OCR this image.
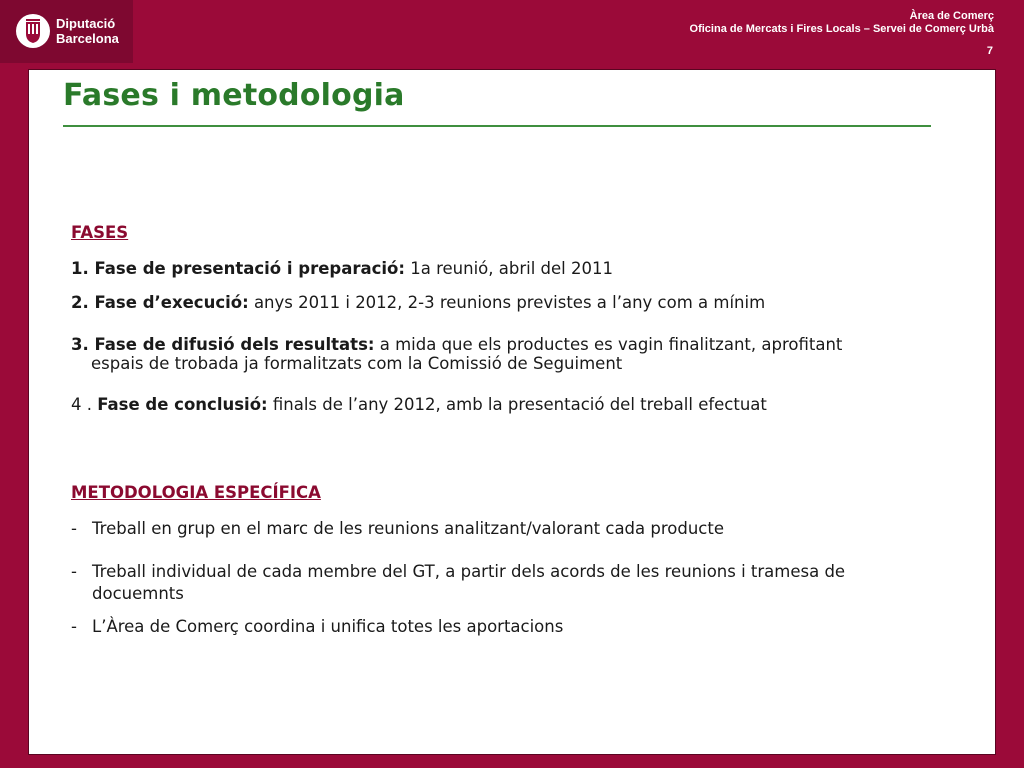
Diputació
Barcelona
Àrea de Comerç
Oficina de Mercats i Fires Locals – Servei de Comerç Urbà
7
Fases i metodologia
FASES
1. Fase de presentació i preparació: 1a reunió, abril del 2011
2. Fase d’execució: anys 2011 i 2012, 2-3 reunions previstes a l’any com a mínim
3. Fase de difusió dels resultats: a mida que els productes es vagin finalitzant, aprofitant
espais de trobada ja formalitzats com la Comissió de Seguiment
4 . Fase de conclusió: finals de l’any 2012, amb la presentació del treball efectuat
METODOLOGIA ESPECÍFICA
- Treball en grup en el marc de les reunions analitzant/valorant cada producte
- Treball individual de cada membre del GT, a partir dels acords de les reunions i tramesa de
docuemnts
- L’Àrea de Comerç coordina i unifica totes les aportacions
